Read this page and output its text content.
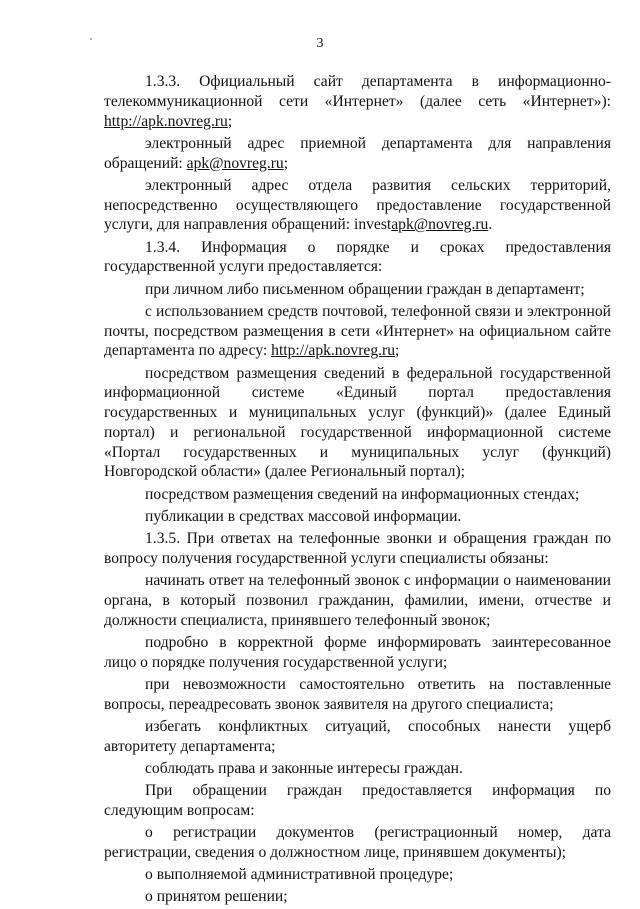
3

1.3.3. Официальный сайт департамента в информационно-телекоммуникационной сети «Интернет» (далее сеть «Интернет»): http://apk.novreg.ru;

электронный адрес приемной департамента для направления обращений: apk@novreg.ru;

электронный адрес отдела развития сельских территорий, непосредственно осуществляющего предоставление государственной услуги, для направления обращений: investapk@novreg.ru.

1.3.4. Информация о порядке и сроках предоставления государственной услуги предоставляется:

при личном либо письменном обращении граждан в департамент;

с использованием средств почтовой, телефонной связи и электронной почты, посредством размещения в сети «Интернет» на официальном сайте департамента по адресу: http://apk.novreg.ru;

посредством размещения сведений в федеральной государственной информационной системе «Единый портал предоставления государственных и муниципальных услуг (функций)» (далее Единый портал) и региональной государственной информационной системе «Портал государственных и муниципальных услуг (функций) Новгородской области» (далее Региональный портал);

посредством размещения сведений на информационных стендах;

публикации в средствах массовой информации.

1.3.5. При ответах на телефонные звонки и обращения граждан по вопросу получения государственной услуги специалисты обязаны:

начинать ответ на телефонный звонок с информации о наименовании органа, в который позвонил гражданин, фамилии, имени, отчестве и должности специалиста, принявшего телефонный звонок;

подробно в корректной форме информировать заинтересованное лицо о порядке получения государственной услуги;

при невозможности самостоятельно ответить на поставленные вопросы, переадресовать звонок заявителя на другого специалиста;

избегать конфликтных ситуаций, способных нанести ущерб авторитету департамента;

соблюдать права и законные интересы граждан.

При обращении граждан предоставляется информация по следующим вопросам:

о регистрации документов (регистрационный номер, дата регистрации, сведения о должностном лице, принявшем документы);

о выполняемой административной процедуре;

о принятом решении;
